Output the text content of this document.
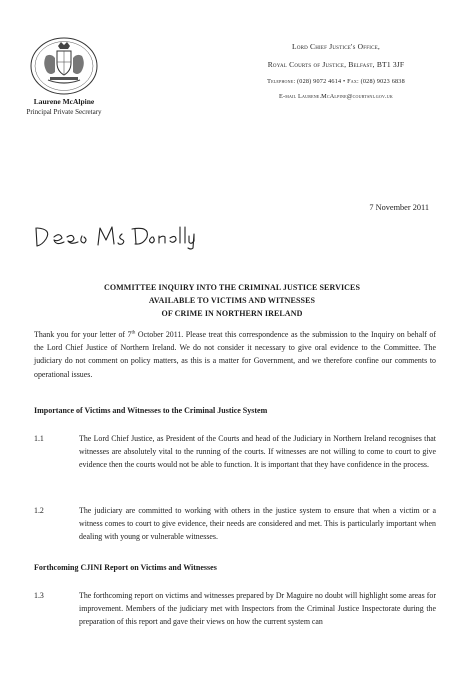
Laurene McAlpine
Principal Private Secretary
Lord Chief Justice's Office,
Royal Courts of Justice, Belfast, BT1 3JF
Telephone: (028) 9072 4614 • Fax: (028) 9023 6838
E-mail Laurene.McAlpine@courtsni.gov.uk
7 November 2011
COMMITTEE INQUIRY INTO THE CRIMINAL JUSTICE SERVICES
AVAILABLE TO VICTIMS AND WITNESSES
OF CRIME IN NORTHERN IRELAND
Thank you for your letter of 7th October 2011. Please treat this correspondence as the submission to the Inquiry on behalf of the Lord Chief Justice of Northern Ireland. We do not consider it necessary to give oral evidence to the Committee. The judiciary do not comment on policy matters, as this is a matter for Government, and we therefore confine our comments to operational issues.
Importance of Victims and Witnesses to the Criminal Justice System
1.1	The Lord Chief Justice, as President of the Courts and head of the Judiciary in Northern Ireland recognises that witnesses are absolutely vital to the running of the courts. If witnesses are not willing to come to court to give evidence then the courts would not be able to function. It is important that they have confidence in the process.
1.2	The judiciary are committed to working with others in the justice system to ensure that when a victim or a witness comes to court to give evidence, their needs are considered and met. This is particularly important when dealing with young or vulnerable witnesses.
Forthcoming CJINI Report on Victims and Witnesses
1.3	The forthcoming report on victims and witnesses prepared by Dr Maguire no doubt will highlight some areas for improvement. Members of the judiciary met with Inspectors from the Criminal Justice Inspectorate during the preparation of this report and gave their views on how the current system can
